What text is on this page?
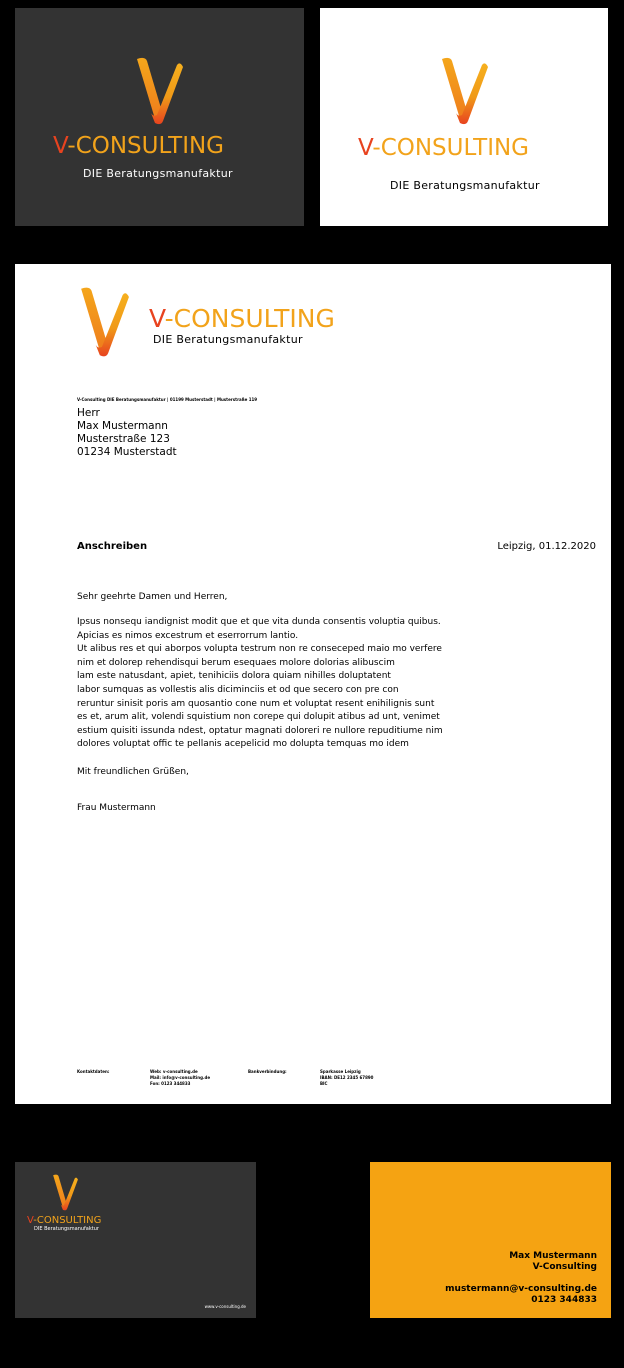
V-CONSULTING
DIE Beratungsmanufaktur
V-CONSULTING
DIE Beratungsmanufaktur
V-CONSULTING
DIE Beratungsmanufaktur
V-Consulting DIE Beratungsmanufaktur | 01199 Musterstadt | Musterstraße 119
Herr
Max Mustermann
Musterstraße 123
01234 Musterstadt
Anschreiben	Leipzig, 01.12.2020
Sehr geehrte Damen und Herren,
Ipsus nonsequ iandignist modit que et que vita dunda consentis voluptia quibus.
Apicias es nimos excestrum et eserrorrum lantio.
Ut alibus res et qui aborpos volupta testrum non re conseceped maio mo verfere
nim et dolorep rehendisqui berum esequaes molore dolorias alibuscim
lam este natusdant, apiet, tenihiciis dolora quiam nihilles doluptatent
labor sumquas as vollestis alis diciminciis et od que secero con pre con
reruntur sinisit poris am quosantio cone num et voluptat resent enihilignis sunt
es et, arum alit, volendi squistium non corepe qui dolupit atibus ad unt, venimet
estium quisiti issunda ndest, optatur magnati doloreri re nullore repuditiume nim
dolores voluptat offic te pellanis acepelicid mo dolupta temquas mo idem
Mit freundlichen Grüßen,
Frau Mustermann
Kontaktdaten:	Web: v-consulting.de
Mail: info@v-consulting.de
Fon: 0123 344833
Bankverbindung:	Sparkasse Leipzig
IBAN: DE12 2345 67890
BIC
V-CONSULTING
DIE Beratungsmanufaktur
www.v-consulting.de
Max Mustermann
V-Consulting
mustermann@v-consulting.de
0123 344833
